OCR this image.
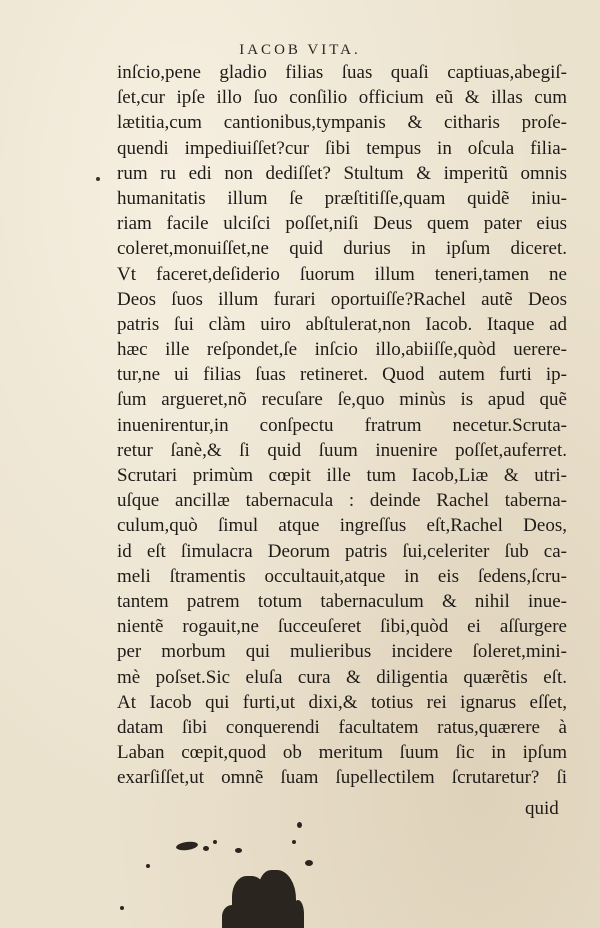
IACOB VITA.
inſcio,pene gladio filias ſuas quaſi captiuas,abegiſ-
ſet,cur ipſe illo ſuo conſilio officium eũ & illas cum
lætitia,cum cantionibus,tympanis & citharis proſe-
quendi impediuiſſet?cur ſibi tempus in oſcula filia-
rum ru edi non dediſſet? Stultum & imperitũ omnis
humanitatis illum ſe præſtitiſſe,quam quidẽ iniu-
riam facile ulciſci poſſet,niſi Deus quem pater eius
coleret,monuiſſet,ne quid durius in ipſum diceret.
Vt faceret,deſiderio ſuorum illum teneri,tamen ne
Deos ſuos illum furari oportuiſſe?Rachel autẽ Deos
patris ſui clàm uiro abſtulerat,non Iacob. Itaque ad
hæc ille reſpondet,ſe inſcio illo,abiiſſe,quòd uerere-
tur,ne ui filias ſuas retineret. Quod autem furti ip-
ſum argueret,nõ recuſare ſe,quo minùs is apud quẽ
inuenirentur,in conſpectu fratrum necetur.Scruta-
retur ſanè,& ſi quid ſuum inuenire poſſet,auferret.
Scrutari primùm cœpit ille tum Iacob,Liæ & utri-
uſque ancillæ tabernacula : deinde Rachel taberna-
culum,quò ſimul atque ingreſſus eſt,Rachel Deos,
id eſt ſimulacra Deorum patris ſui,celeriter ſub ca-
meli ſtramentis occultauit,atque in eis ſedens,ſcru-
tantem patrem totum tabernaculum & nihil inue-
nientẽ rogauit,ne ſucceuſeret ſibi,quòd ei aſſurgere
per morbum qui mulieribus incidere ſoleret,mini-
mè poſset.Sic eluſa cura & diligentia quærẽtis eſt.
At Iacob qui furti,ut dixi,& totius rei ignarus eſſet,
datam ſibi conquerendi facultatem ratus,quærere à
Laban cœpit,quod ob meritum ſuum ſic in ipſum
exarſiſſet,ut omnẽ ſuam ſupellectilem ſcrutaretur? ſi
quid
